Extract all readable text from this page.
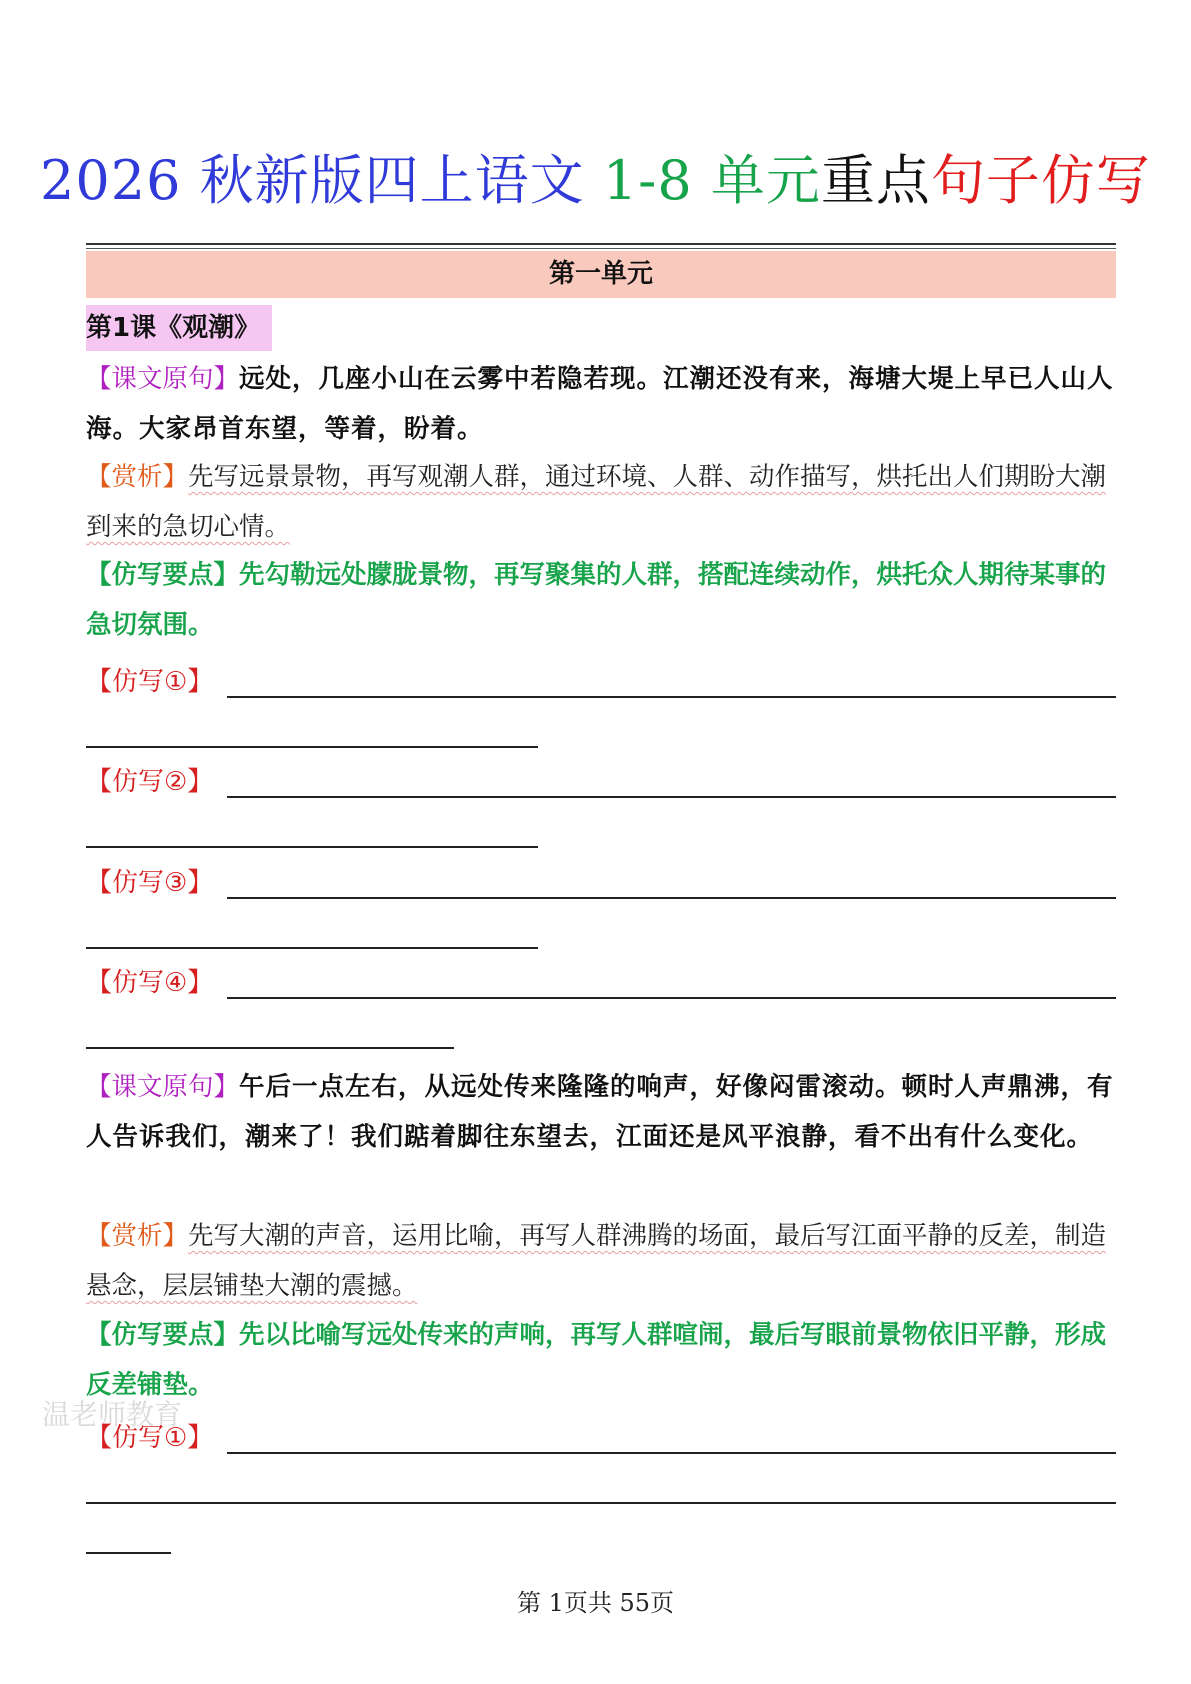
2026 秋新版四上语文 1-8 单元重点句子仿写
第一单元
第1课《观潮》
【课文原句】远处，几座小山在云雾中若隐若现。江潮还没有来，海塘大堤上早已人山人海。大家昂首东望，等着，盼着。
【赏析】先写远景景物，再写观潮人群，通过环境、人群、动作描写，烘托出人们期盼大潮到来的急切心情。
【仿写要点】先勾勒远处朦胧景物，再写聚集的人群，搭配连续动作，烘托众人期待某事的急切氛围。
【仿写①】
【仿写②】
【仿写③】
【仿写④】
【课文原句】午后一点左右，从远处传来隆隆的响声，好像闷雷滚动。顿时人声鼎沸，有人告诉我们，潮来了！我们踮着脚往东望去，江面还是风平浪静，看不出有什么变化。
【赏析】先写大潮的声音，运用比喻，再写人群沸腾的场面，最后写江面平静的反差，制造悬念，层层铺垫大潮的震撼。
【仿写要点】先以比喻写远处传来的声响，再写人群喧闹，最后写眼前景物依旧平静，形成反差铺垫。
温老师教育
【仿写①】
第 1页共 55页
